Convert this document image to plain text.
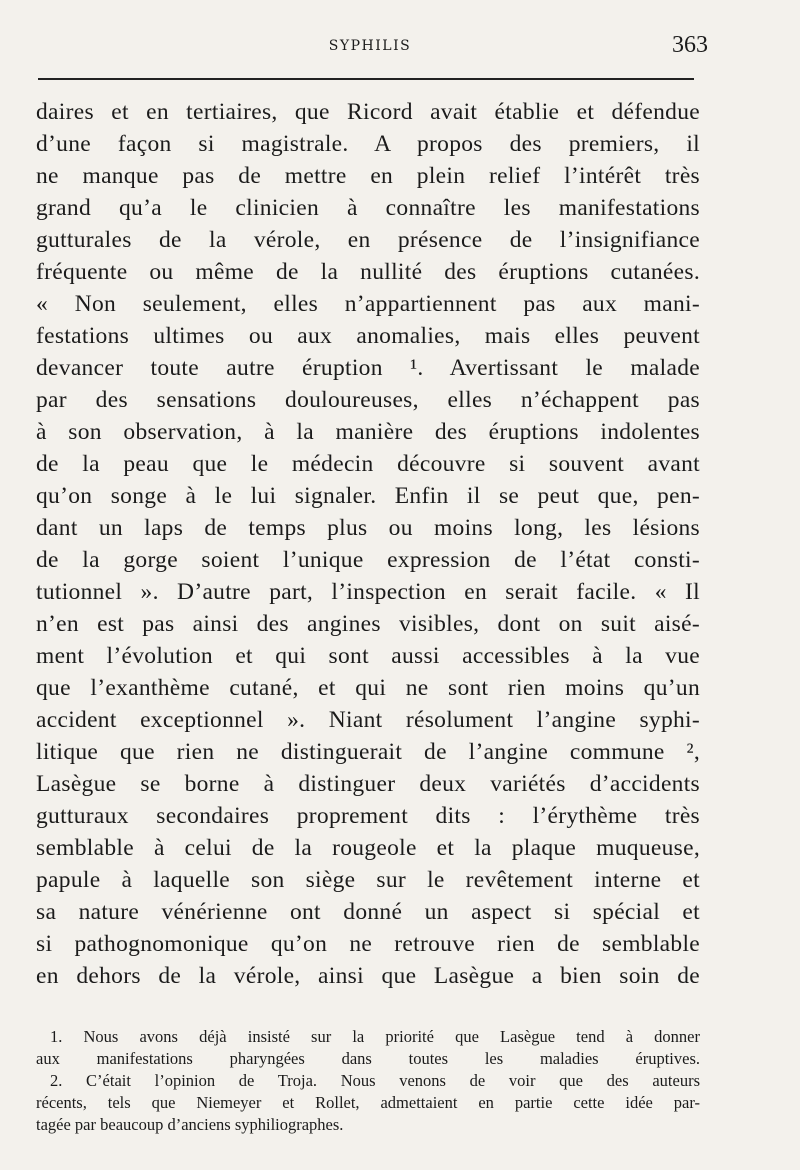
SYPHILIS	363
daires et en tertiaires, que Ricord avait établie et défendue
d’une façon si magistrale. A propos des premiers, il
ne manque pas de mettre en plein relief l’intérêt très
grand qu’a le clinicien à connaître les manifestations
gutturales de la vérole, en présence de l’insignifiance
fréquente ou même de la nullité des éruptions cutanées.
« Non seulement, elles n’appartiennent pas aux mani-
festations ultimes ou aux anomalies, mais elles peuvent
devancer toute autre éruption ¹. Avertissant le malade
par des sensations douloureuses, elles n’échappent pas
à son observation, à la manière des éruptions indolentes
de la peau que le médecin découvre si souvent avant
qu’on songe à le lui signaler. Enfin il se peut que, pen-
dant un laps de temps plus ou moins long, les lésions
de la gorge soient l’unique expression de l’état consti-
tutionnel ». D’autre part, l’inspection en serait facile. « Il
n’en est pas ainsi des angines visibles, dont on suit aisé-
ment l’évolution et qui sont aussi accessibles à la vue
que l’exanthème cutané, et qui ne sont rien moins qu’un
accident exceptionnel ». Niant résolument l’angine syphi-
litique que rien ne distinguerait de l’angine commune ²,
Lasègue se borne à distinguer deux variétés d’accidents
gutturaux secondaires proprement dits : l’érythème très
semblable à celui de la rougeole et la plaque muqueuse,
papule à laquelle son siège sur le revêtement interne et
sa nature vénérienne ont donné un aspect si spécial et
si pathognomonique qu’on ne retrouve rien de semblable
en dehors de la vérole, ainsi que Lasègue a bien soin de
1. Nous avons déjà insisté sur la priorité que Lasègue tend à donner
aux manifestations pharyngées dans toutes les maladies éruptives.
2. C’était l’opinion de Troja. Nous venons de voir que des auteurs
récents, tels que Niemeyer et Rollet, admettaient en partie cette idée par-
tagée par beaucoup d’anciens syphiliographes.
